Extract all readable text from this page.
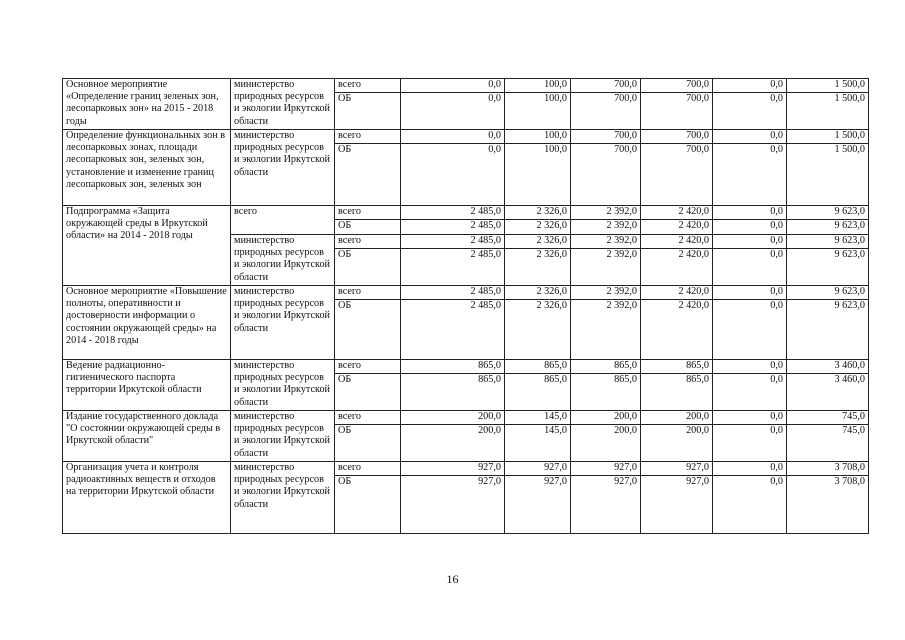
Основное мероприятие «Определение границ зеленых зон, лесопарковых зон» на 2015 - 2018 годы	министерство природных ресурсов и экологии Иркутской области	всего	0,0	100,0	700,0	700,0	0,0	1 500,0
		ОБ	0,0	100,0	700,0	700,0	0,0	1 500,0
Определение функциональных зон в лесопарковых зонах, площади лесопарковых зон, зеленых зон, установление и изменение границ лесопарковых зон, зеленых зон	министерство природных ресурсов и экологии Иркутской области	всего	0,0	100,0	700,0	700,0	0,0	1 500,0
		ОБ	0,0	100,0	700,0	700,0	0,0	1 500,0
Подпрограмма «Защита окружающей среды в Иркутской области» на 2014 - 2018 годы	всего	всего	2 485,0	2 326,0	2 392,0	2 420,0	0,0	9 623,0
		ОБ	2 485,0	2 326,0	2 392,0	2 420,0	0,0	9 623,0
	министерство природных ресурсов и экологии Иркутской области	всего	2 485,0	2 326,0	2 392,0	2 420,0	0,0	9 623,0
		ОБ	2 485,0	2 326,0	2 392,0	2 420,0	0,0	9 623,0
Основное мероприятие «Повышение полноты, оперативности и достоверности информации о состоянии окружающей среды» на 2014 - 2018 годы	министерство природных ресурсов и экологии Иркутской области	всего	2 485,0	2 326,0	2 392,0	2 420,0	0,0	9 623,0
		ОБ	2 485,0	2 326,0	2 392,0	2 420,0	0,0	9 623,0
Ведение радиационно-гигиенического паспорта территории Иркутской области	министерство природных ресурсов и экологии Иркутской области	всего	865,0	865,0	865,0	865,0	0,0	3 460,0
		ОБ	865,0	865,0	865,0	865,0	0,0	3 460,0
Издание государственного доклада "О состоянии окружающей среды в Иркутской области"	министерство природных ресурсов и экологии Иркутской области	всего	200,0	145,0	200,0	200,0	0,0	745,0
		ОБ	200,0	145,0	200,0	200,0	0,0	745,0
Организация учета и контроля радиоактивных веществ и отходов на территории Иркутской области	министерство природных ресурсов и экологии Иркутской области	всего	927,0	927,0	927,0	927,0	0,0	3 708,0
		ОБ	927,0	927,0	927,0	927,0	0,0	3 708,0
16
